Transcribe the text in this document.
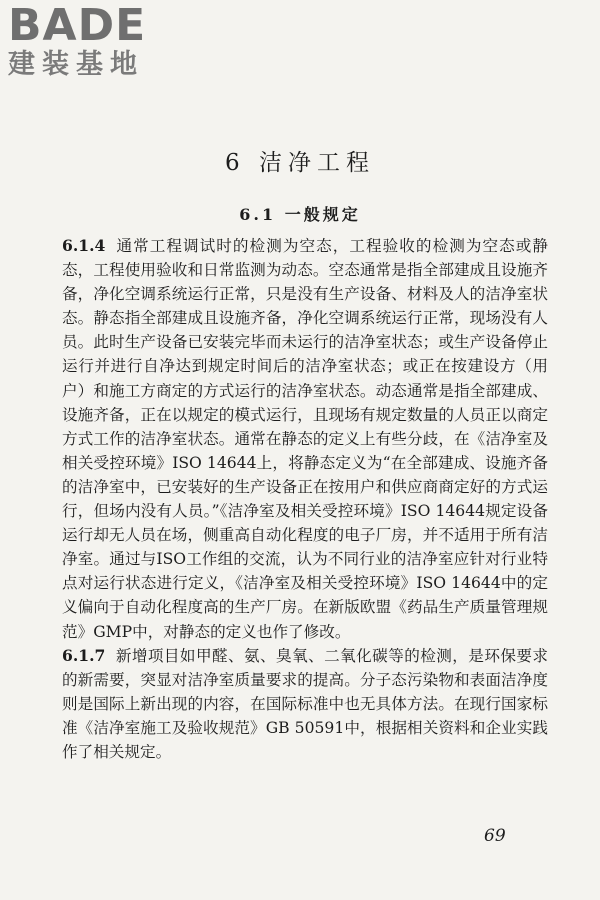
BADE
建装基地
6 洁净工程
6.1 一般规定

6.1.4 通常工程调试时的检测为空态，工程验收的检测为空态或静态，工程使用验收和日常监测为动态。空态通常是指全部建成且设施齐备，净化空调系统运行正常，只是没有生产设备、材料及人的洁净室状态。静态指全部建成且设施齐备，净化空调系统运行正常，现场没有人员。此时生产设备已安装完毕而未运行的洁净室状态；或生产设备停止运行并进行自净达到规定时间后的洁净室状态；或正在按建设方（用户）和施工方商定的方式运行的洁净室状态。动态通常是指全部建成、设施齐备，正在以规定的模式运行，且现场有规定数量的人员正以商定方式工作的洁净室状态。通常在静态的定义上有些分歧，在《洁净室及相关受控环境》ISO 14644上，将静态定义为“在全部建成、设施齐备的洁净室中，已安装好的生产设备正在按用户和供应商商定好的方式运行，但场内没有人员。”《洁净室及相关受控环境》ISO 14644规定设备运行却无人员在场，侧重高自动化程度的电子厂房，并不适用于所有洁净室。通过与ISO工作组的交流，认为不同行业的洁净室应针对行业特点对运行状态进行定义，《洁净室及相关受控环境》ISO 14644中的定义偏向于自动化程度高的生产厂房。在新版欧盟《药品生产质量管理规范》GMP中，对静态的定义也作了修改。

6.1.7 新增项目如甲醛、氨、臭氧、二氧化碳等的检测，是环保要求的新需要，突显对洁净室质量要求的提高。分子态污染物和表面洁净度则是国际上新出现的内容，在国际标准中也无具体方法。在现行国家标准《洁净室施工及验收规范》GB 50591中，根据相关资料和企业实践作了相关规定。

69
